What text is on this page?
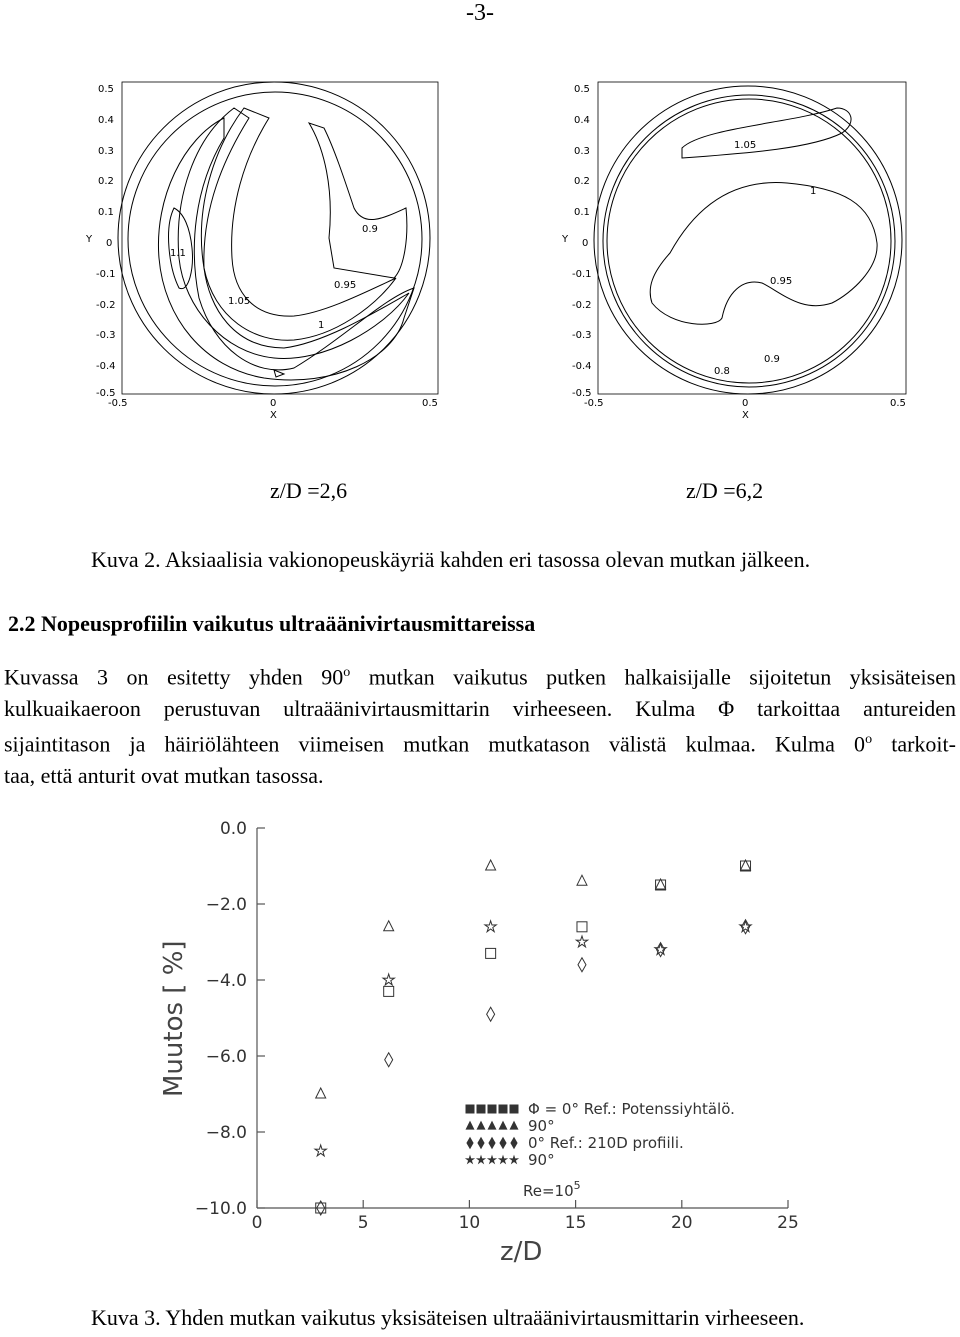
-3-
0.5
0.4
0.3
0.2
0.1
0
-0.1
-0.2
-0.3
-0.4
-0.5
Y
-0.5	0	0.5
X
1.1
1.05
1
0.95
0.9
0.5
0.4
0.3
0.2
0.1
0
-0.1
-0.2
-0.3
-0.4
-0.5
Y
-0.5	0	0.5
X
1.05
1
0.95
0.9
0.8
z/D =2,6	z/D =6,2
Kuva 2. Aksiaalisia vakionopeuskäyriä kahden eri tasossa olevan mutkan jälkeen.
2.2 Nopeusprofiilin vaikutus ultraäänivirtausmittareissa
Kuvassa 3 on esitetty yhden 90$^o$ mutkan vaikutus putken halkaisijalle sijoitetun yksisäteisen
kulkuaikaeroon perustuvan ultraäänivirtausmittarin virheeseen. Kulma Φ tarkoittaa antureiden
sijaintitason ja häiriölähteen viimeisen mutkan mutkatason välistä kulmaa. Kulma 0$^o$ tarkoit-
taa, että anturit ovat mutkan tasossa.
0.0
−2.0
−4.0
−6.0
−8.0
−10.0
0	5	10	15	20	25
Φ = 0° Ref.: Potenssiyhtälö.
90°
0° Ref.: 210D profiili.
90°
$Re=10^5$
Muutos [ %]
z/D
Kuva 3. Yhden mutkan vaikutus yksisäteisen ultraäänivirtausmittarin virheeseen.
